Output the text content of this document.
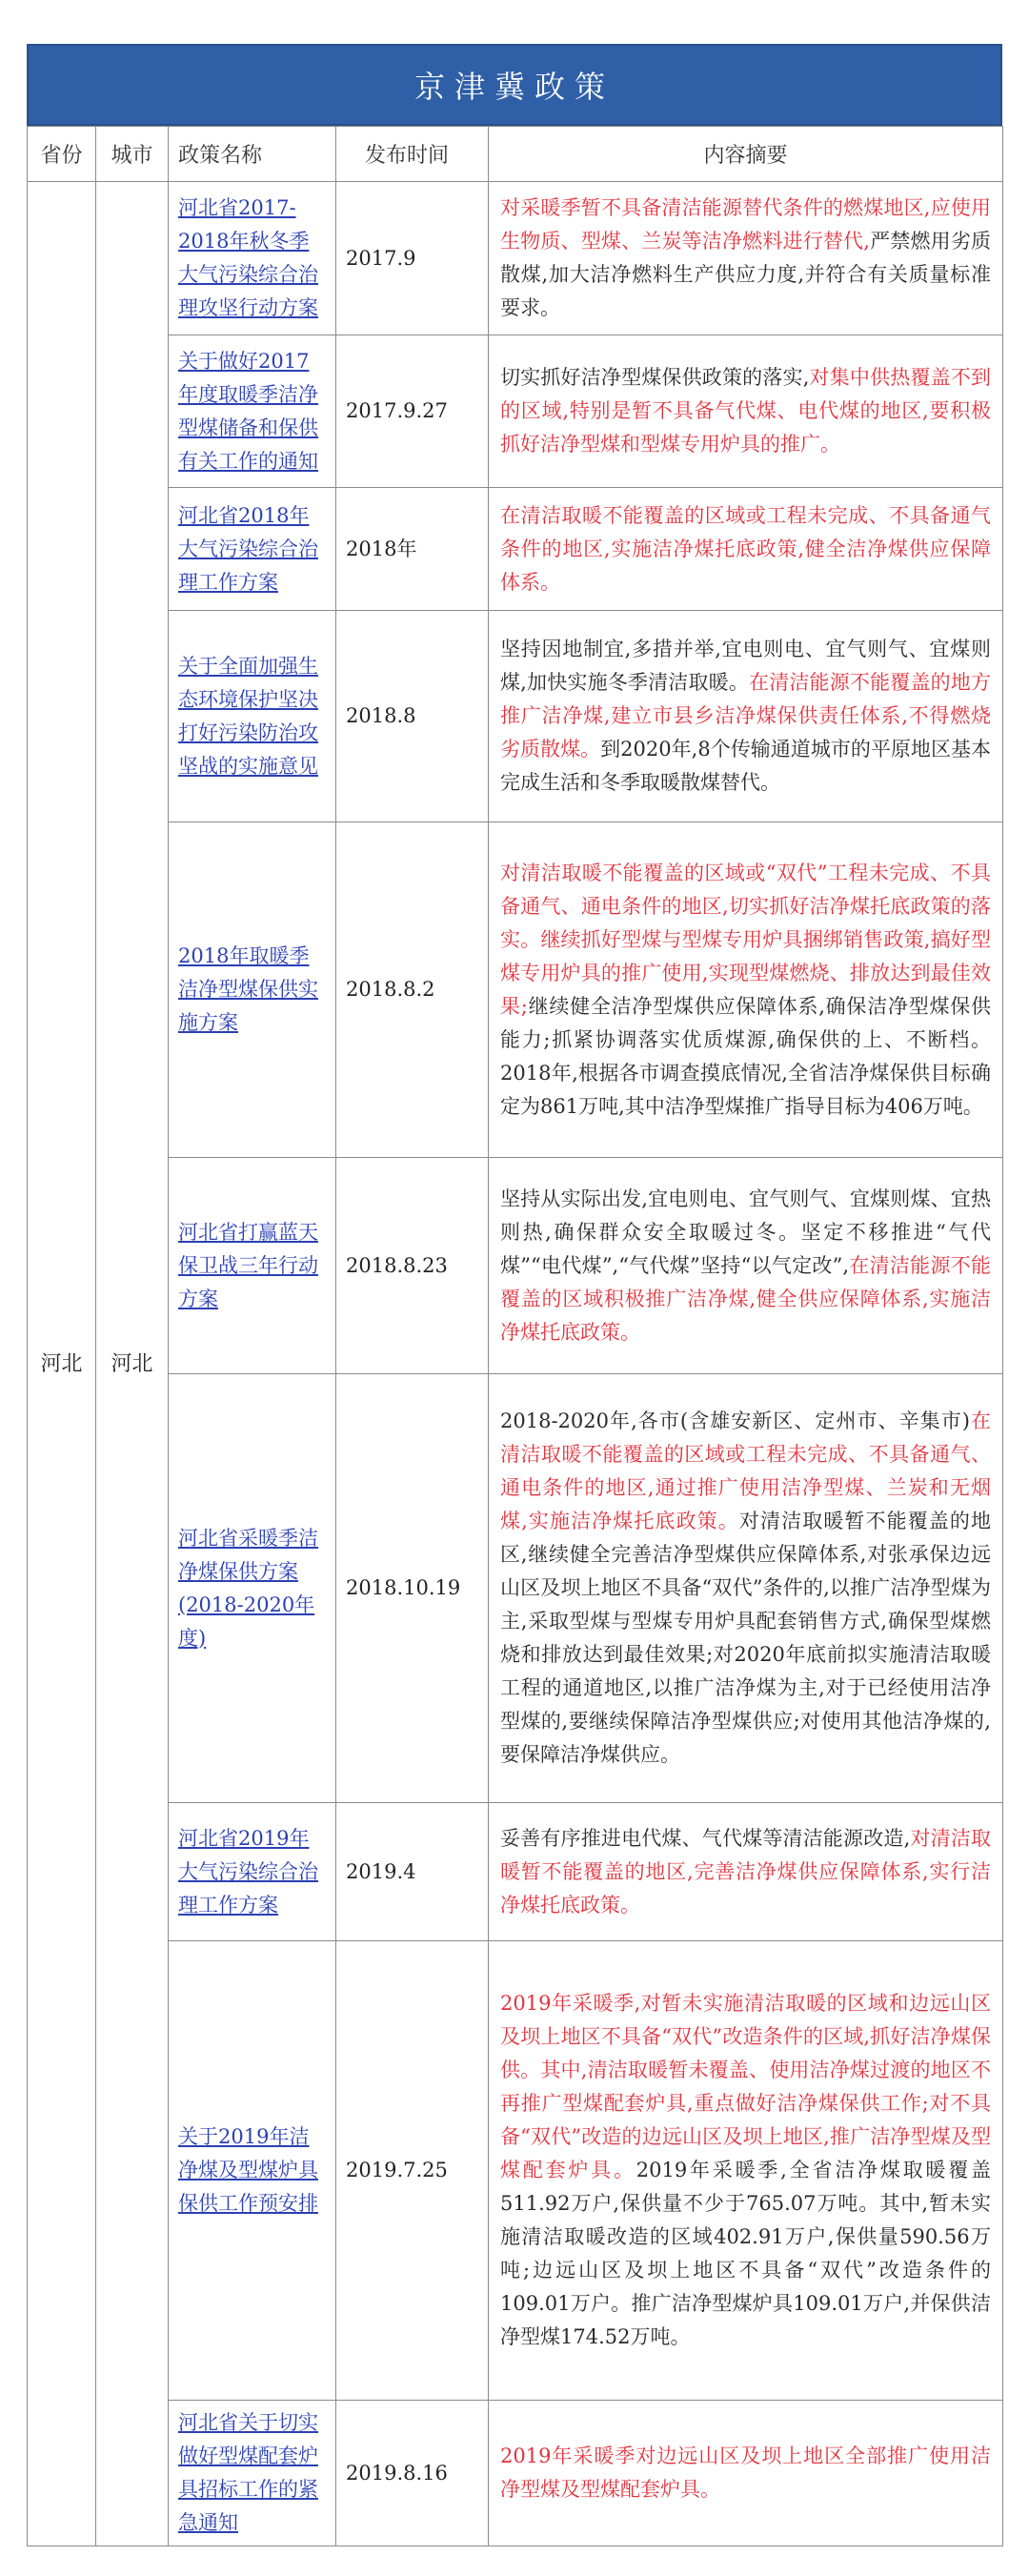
京津冀政策
省份	城市	政策名称	发布时间	内容摘要
河北	河北	河北省2017-2018年秋冬季大气污染综合治理攻坚行动方案	2017.9	对采暖季暂不具备清洁能源替代条件的燃煤地区,应使用生物质、型煤、兰炭等洁净燃料进行替代,严禁燃用劣质散煤,加大洁净燃料生产供应力度,并符合有关质量标准要求。
		关于做好2017年度取暖季洁净型煤储备和保供有关工作的通知	2017.9.27	切实抓好洁净型煤保供政策的落实,对集中供热覆盖不到的区域,特别是暂不具备气代煤、电代煤的地区,要积极抓好洁净型煤和型煤专用炉具的推广。
		河北省2018年大气污染综合治理工作方案	2018年	在清洁取暖不能覆盖的区域或工程未完成、不具备通气条件的地区,实施洁净煤托底政策,健全洁净煤供应保障体系。
		关于全面加强生态环境保护坚决打好污染防治攻坚战的实施意见	2018.8	坚持因地制宜,多措并举,宜电则电、宜气则气、宜煤则煤,加快实施冬季清洁取暖。在清洁能源不能覆盖的地方推广洁净煤,建立市县乡洁净煤保供责任体系,不得燃烧劣质散煤。到2020年,8个传输通道城市的平原地区基本完成生活和冬季取暖散煤替代。
		2018年取暖季洁净型煤保供实施方案	2018.8.2	对清洁取暖不能覆盖的区域或“双代”工程未完成、不具备通气、通电条件的地区,切实抓好洁净煤托底政策的落实。继续抓好型煤与型煤专用炉具捆绑销售政策,搞好型煤专用炉具的推广使用,实现型煤燃烧、排放达到最佳效果;继续健全洁净型煤供应保障体系,确保洁净型煤保供能力;抓紧协调落实优质煤源,确保供的上、不断档。2018年,根据各市调查摸底情况,全省洁净煤保供目标确定为861万吨,其中洁净型煤推广指导目标为406万吨。
		河北省打赢蓝天保卫战三年行动方案	2018.8.23	坚持从实际出发,宜电则电、宜气则气、宜煤则煤、宜热则热,确保群众安全取暖过冬。坚定不移推进“气代煤”“电代煤”,“气代煤”坚持“以气定改”,在清洁能源不能覆盖的区域积极推广洁净煤,健全供应保障体系,实施洁净煤托底政策。
		河北省采暖季洁净煤保供方案(2018-2020年度)	2018.10.19	2018-2020年,各市(含雄安新区、定州市、辛集市)在清洁取暖不能覆盖的区域或工程未完成、不具备通气、通电条件的地区,通过推广使用洁净型煤、兰炭和无烟煤,实施洁净煤托底政策。对清洁取暖暂不能覆盖的地区,继续健全完善洁净型煤供应保障体系,对张承保边远山区及坝上地区不具备“双代”条件的,以推广洁净型煤为主,采取型煤与型煤专用炉具配套销售方式,确保型煤燃烧和排放达到最佳效果;对2020年底前拟实施清洁取暖工程的通道地区,以推广洁净煤为主,对于已经使用洁净型煤的,要继续保障洁净型煤供应;对使用其他洁净煤的,要保障洁净煤供应。
		河北省2019年大气污染综合治理工作方案	2019.4	妥善有序推进电代煤、气代煤等清洁能源改造,对清洁取暖暂不能覆盖的地区,完善洁净煤供应保障体系,实行洁净煤托底政策。
		关于2019年洁净煤及型煤炉具保供工作预安排	2019.7.25	2019年采暖季,对暂未实施清洁取暖的区域和边远山区及坝上地区不具备“双代”改造条件的区域,抓好洁净煤保供。其中,清洁取暖暂未覆盖、使用洁净煤过渡的地区不再推广型煤配套炉具,重点做好洁净煤保供工作;对不具备“双代”改造的边远山区及坝上地区,推广洁净型煤及型煤配套炉具。2019年采暖季,全省洁净煤取暖覆盖511.92万户,保供量不少于765.07万吨。其中,暂未实施清洁取暖改造的区域402.91万户,保供量590.56万吨;边远山区及坝上地区不具备“双代”改造条件的109.01万户。推广洁净型煤炉具109.01万户,并保供洁净型煤174.52万吨。
		河北省关于切实做好型煤配套炉具招标工作的紧急通知	2019.8.16	2019年采暖季对边远山区及坝上地区全部推广使用洁净型煤及型煤配套炉具。
